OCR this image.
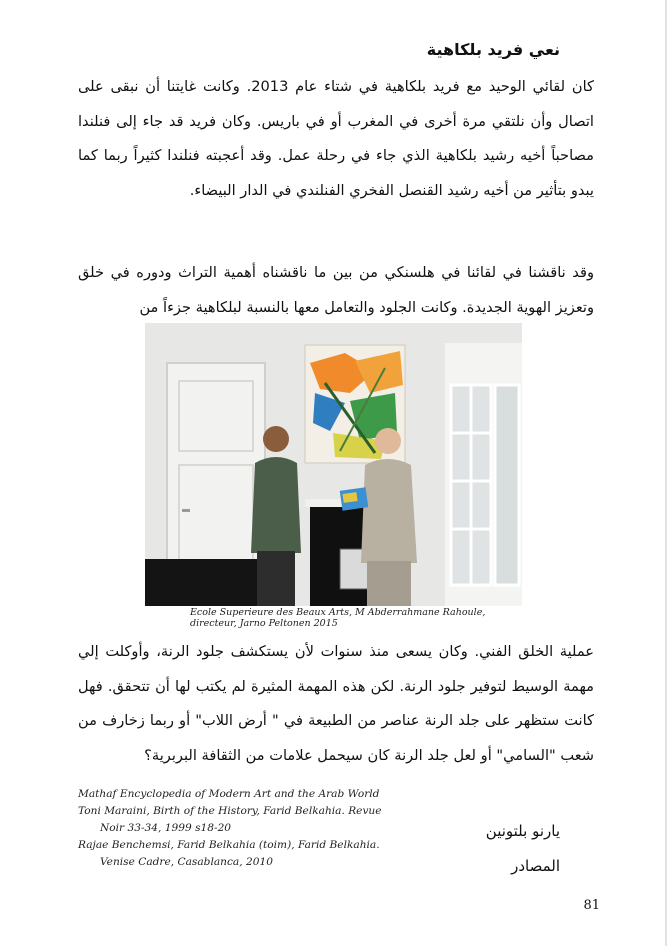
نعي فريد بلكاهية
كان لقائي الوحيد مع فريد بلكاهية في شتاء عام 2013. وكانت غايتنا أن نبقى على اتصال وأن نلتقي مرة أخرى في المغرب أو في باريس. وكان فريد قد جاء إلى فنلندا مصاحباً أخيه رشيد بلكاهية الذي جاء في رحلة عمل. وقد أعجبته فنلندا كثيراً ربما كما يبدو بتأثير من أخيه رشيد القنصل الفخري الفنلندي في الدار البيضاء.
وقد ناقشنا في لقائنا في هلسنكي من بين ما ناقشناه أهمية التراث ودوره في خلق وتعزيز الهوية الجديدة. وكانت الجلود والتعامل معها بالنسبة لبلكاهية جزءاً من
Ecole Superieure des Beaux Arts, M Abderrahmane Rahoule,
directeur, Jarno Peltonen 2015
عملية الخلق الفني. وكان يسعى منذ سنوات لأن يستكشف جلود الرنة، وأوكلت إلي مهمة الوسيط لتوفير جلود الرنة. لكن هذه المهمة المثيرة لم يكتب لها أن تتحقق. فهل كانت ستظهر على جلد الرنة عناصر من الطبيعة في " أرض اللاب" أو ربما زخارف من شعب "السامي" أو لعل جلد الرنة كان سيحمل علامات من الثقافة البربرية؟
Mathaf Encyclopedia of Modern Art and the Arab World
Toni Maraini, Birth of the History, Farid Belkahia. Revue Noir 33-34, 1999 s18-20
Rajae Benchemsi, Farid Belkahia (toim), Farid Belkahia. Venise Cadre, Casablanca, 2010
يارنو بلتونين
المصادر
81
